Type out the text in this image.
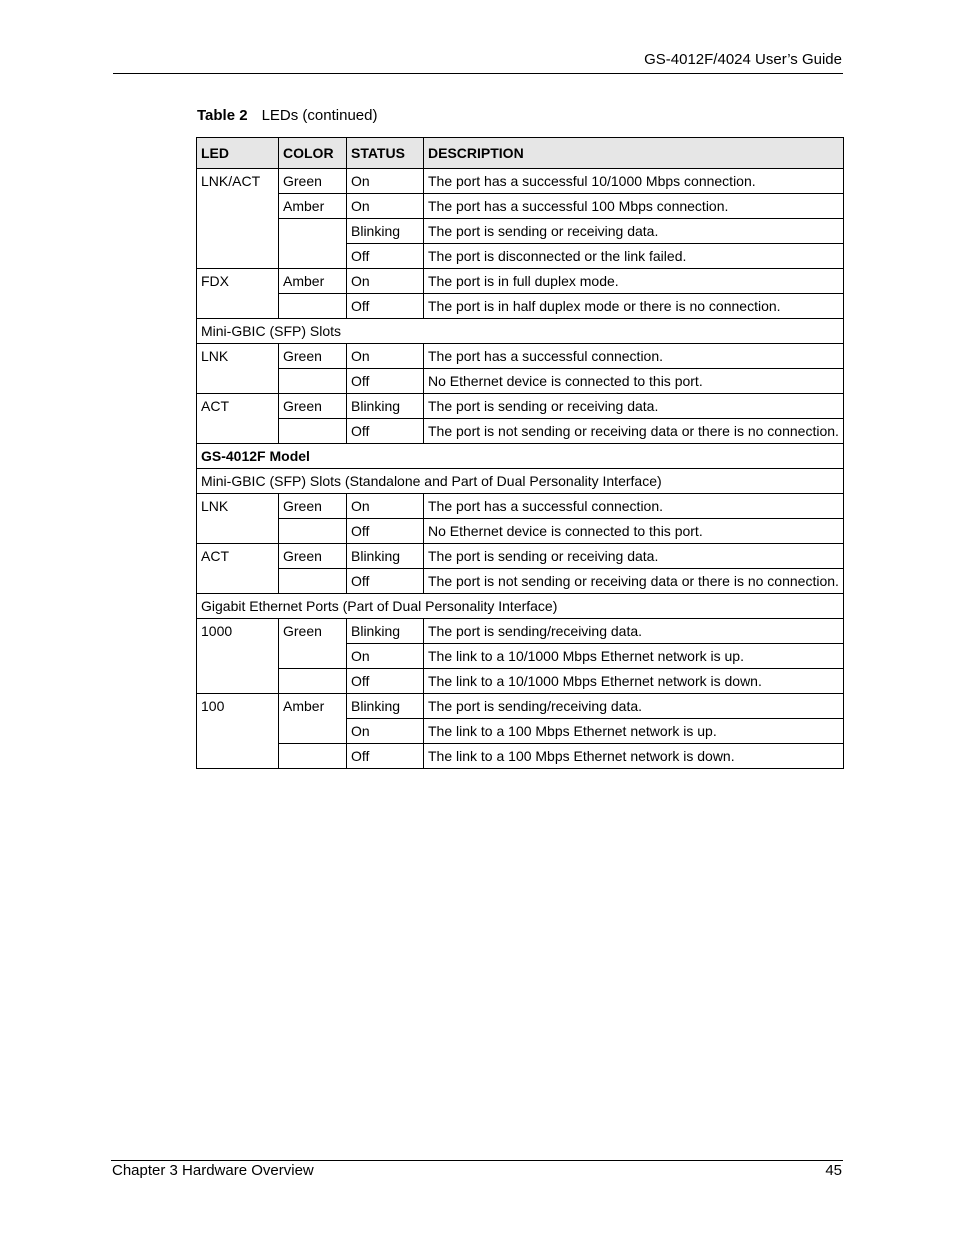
GS-4012F/4024 User’s Guide
Table 2 LEDs (continued)
LED	COLOR	STATUS	DESCRIPTION
LNK/ACT	Green	On	The port has a successful 10/1000 Mbps connection.
	Amber	On	The port has a successful 100 Mbps connection.
		Blinking	The port is sending or receiving data.
		Off	The port is disconnected or the link failed.
FDX	Amber	On	The port is in full duplex mode.
		Off	The port is in half duplex mode or there is no connection.
Mini-GBIC (SFP) Slots			
LNK	Green	On	The port has a successful connection.
		Off	No Ethernet device is connected to this port.
ACT	Green	Blinking	The port is sending or receiving data.
		Off	The port is not sending or receiving data or there is no connection.
GS-4012F Model			
Mini-GBIC (SFP) Slots (Standalone and Part of Dual Personality Interface)			
LNK	Green	On	The port has a successful connection.
		Off	No Ethernet device is connected to this port.
ACT	Green	Blinking	The port is sending or receiving data.
		Off	The port is not sending or receiving data or there is no connection.
Gigabit Ethernet Ports (Part of Dual Personality Interface)			
1000	Green	Blinking	The port is sending/receiving data.
		On	The link to a 10/1000 Mbps Ethernet network is up.
		Off	The link to a 10/1000 Mbps Ethernet network is down.
100	Amber	Blinking	The port is sending/receiving data.
		On	The link to a 100 Mbps Ethernet network is up.
		Off	The link to a 100 Mbps Ethernet network is down.
Chapter 3 Hardware Overview	45
